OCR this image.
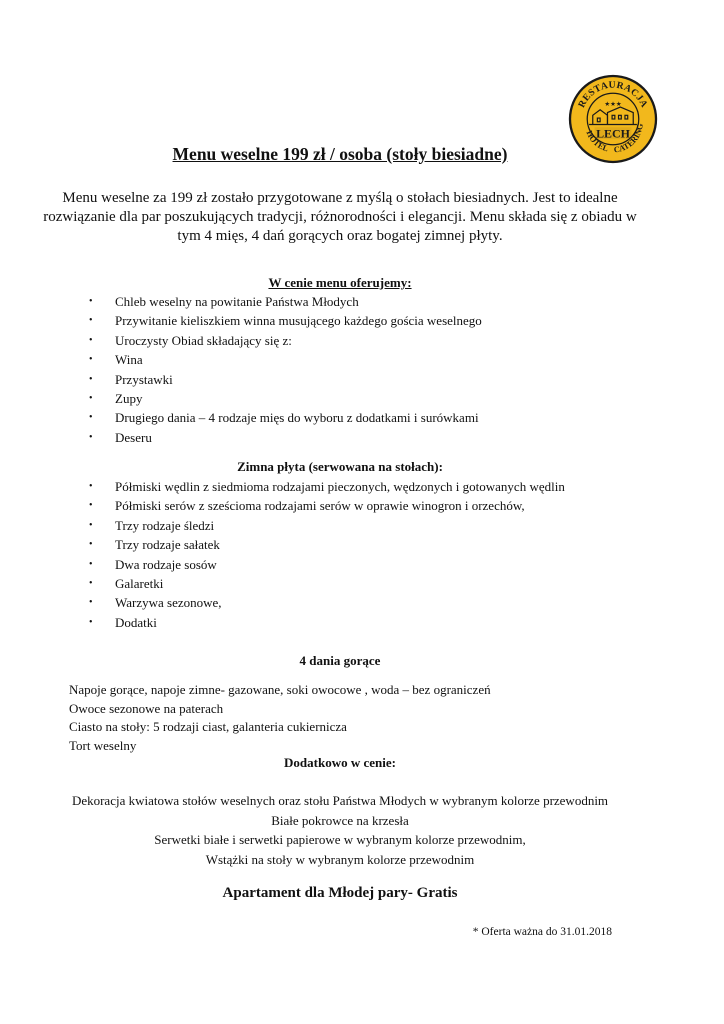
RESTAURACJA
HOTEL CATERING
★★★
LECH
Menu weselne 199 zł / osoba (stoły biesiadne)

Menu weselne za 199 zł zostało przygotowane z myślą o stołach biesiadnych. Jest to idealne rozwiązanie dla par poszukujących tradycji, różnorodności i elegancji. Menu składa się z obiadu w tym 4 mięs, 4 dań gorących oraz bogatej zimnej płyty.

W cenie menu oferujemy:
• Chleb weselny na powitanie Państwa Młodych
• Przywitanie kieliszkiem winna musującego każdego gościa weselnego
• Uroczysty Obiad składający się z:
• Wina
• Przystawki
• Zupy
• Drugiego dania – 4 rodzaje mięs do wyboru z dodatkami i surówkami
• Deseru
Zimna płyta (serwowana na stołach):
• Półmiski wędlin z siedmioma rodzajami pieczonych, wędzonych i gotowanych wędlin
• Półmiski serów z sześcioma rodzajami serów w oprawie winogron i orzechów,
• Trzy rodzaje śledzi
• Trzy rodzaje sałatek
• Dwa rodzaje sosów
• Galaretki
• Warzywa sezonowe,
• Dodatki
4 dania gorące
Napoje gorące, napoje zimne- gazowane, soki owocowe , woda – bez ograniczeń
Owoce sezonowe na paterach
Ciasto na stoły: 5 rodzaji ciast, galanteria cukiernicza
Tort weselny
Dodatkowo w cenie:
Dekoracja kwiatowa stołów weselnych oraz stołu Państwa Młodych w wybranym kolorze przewodnim
Białe pokrowce na krzesła
Serwetki białe i serwetki papierowe w wybranym kolorze przewodnim,
Wstążki na stoły w wybranym kolorze przewodnim

Apartament dla Młodej pary- Gratis

* Oferta ważna do 31.01.2018
